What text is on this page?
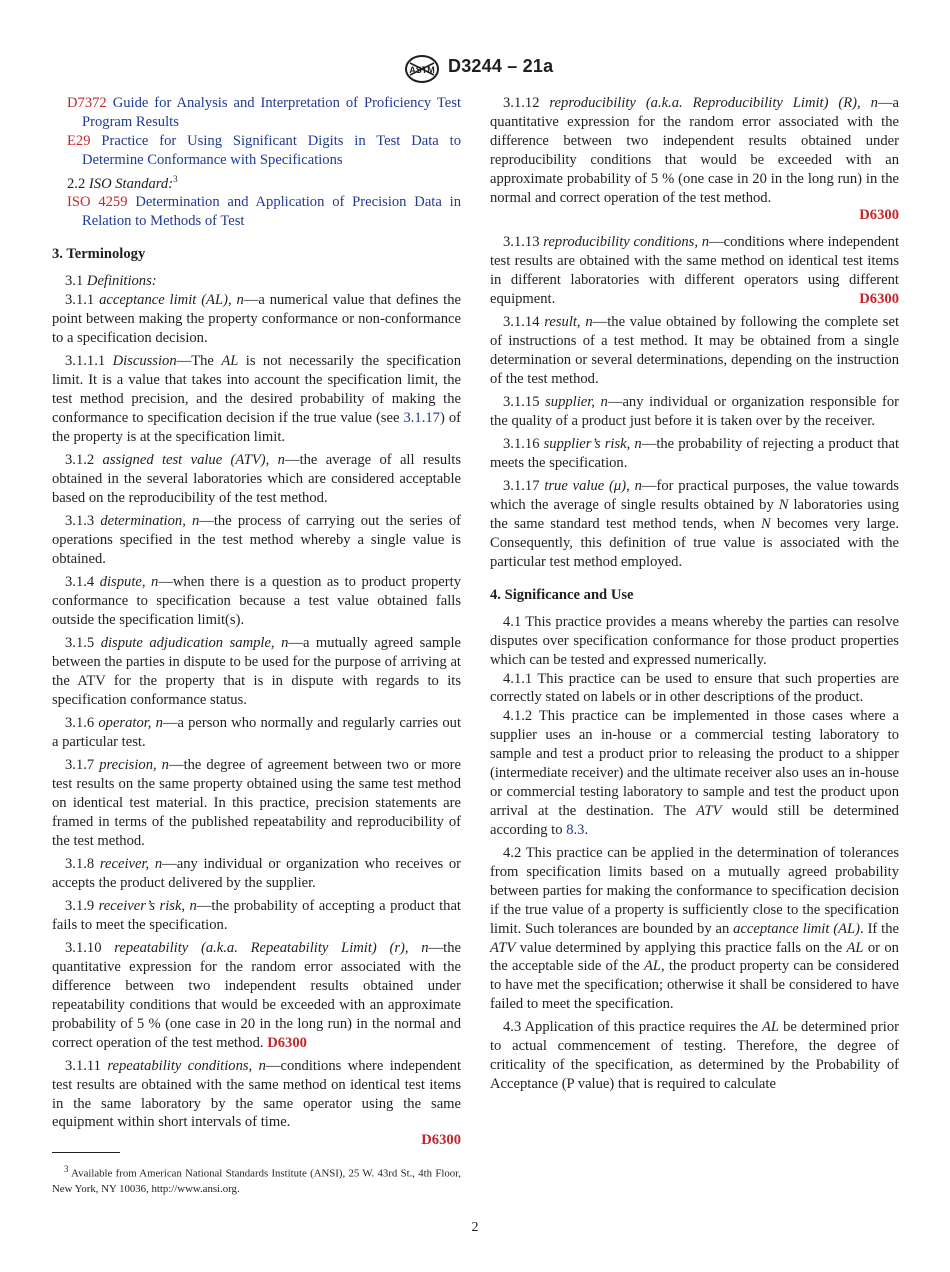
ASTM D3244 – 21a

D7372 Guide for Analysis and Interpretation of Proficiency Test Program Results

E29 Practice for Using Significant Digits in Test Data to Determine Conformance with Specifications

2.2 ISO Standard:$^3$

ISO 4259 Determination and Application of Precision Data in Relation to Methods of Test

3. Terminology

3.1 Definitions:

3.1.1 acceptance limit (AL), n—a numerical value that defines the point between making the property conformance or non-conformance to a specification decision.

3.1.1.1 Discussion—The AL is not necessarily the specification limit. It is a value that takes into account the specification limit, the test method precision, and the desired probability of making the conformance to specification decision if the true value (see 3.1.17) of the property is at the specification limit.

3.1.2 assigned test value (ATV), n—the average of all results obtained in the several laboratories which are considered acceptable based on the reproducibility of the test method.

3.1.3 determination, n—the process of carrying out the series of operations specified in the test method whereby a single value is obtained.

3.1.4 dispute, n—when there is a question as to product property conformance to specification because a test value obtained falls outside the specification limit(s).

3.1.5 dispute adjudication sample, n—a mutually agreed sample between the parties in dispute to be used for the purpose of arriving at the ATV for the property that is in dispute with regards to its specification conformance status.

3.1.6 operator, n—a person who normally and regularly carries out a particular test.

3.1.7 precision, n—the degree of agreement between two or more test results on the same property obtained using the same test method on identical test material. In this practice, precision statements are framed in terms of the published repeatability and reproducibility of the test method.

3.1.8 receiver, n—any individual or organization who receives or accepts the product delivered by the supplier.

3.1.9 receiver’s risk, n—the probability of accepting a product that fails to meet the specification.

3.1.10 repeatability (a.k.a. Repeatability Limit) (r), n—the quantitative expression for the random error associated with the difference between two independent results obtained under repeatability conditions that would be exceeded with an approximate probability of 5 % (one case in 20 in the long run) in the normal and correct operation of the test method. D6300

3.1.11 repeatability conditions, n—conditions where independent test results are obtained with the same method on identical test items in the same laboratory by the same operator using the same equipment within short intervals of time.

D6300
$^3$ Available from American National Standards Institute (ANSI), 25 W. 43rd St., 4th Floor, New York, NY 10036, http://www.ansi.org.

3.1.12 reproducibility (a.k.a. Reproducibility Limit) (R), n—a quantitative expression for the random error associated with the difference between two independent results obtained under reproducibility conditions that would be exceeded with an approximate probability of 5 % (one case in 20 in the long run) in the normal and correct operation of the test method.

D6300

3.1.13 reproducibility conditions, n—conditions where independent test results are obtained with the same method on identical test items in different laboratories with different operators using different equipment.	D6300

3.1.14 result, n—the value obtained by following the complete set of instructions of a test method. It may be obtained from a single determination or several determinations, depending on the instruction of the test method.

3.1.15 supplier, n—any individual or organization responsible for the quality of a product just before it is taken over by the receiver.

3.1.16 supplier’s risk, n—the probability of rejecting a product that meets the specification.

3.1.17 true value (μ), n—for practical purposes, the value towards which the average of single results obtained by N laboratories using the same standard test method tends, when N becomes very large. Consequently, this definition of true value is associated with the particular test method employed.

4. Significance and Use

4.1 This practice provides a means whereby the parties can resolve disputes over specification conformance for those product properties which can be tested and expressed numerically.

4.1.1 This practice can be used to ensure that such properties are correctly stated on labels or in other descriptions of the product.

4.1.2 This practice can be implemented in those cases where a supplier uses an in-house or a commercial testing laboratory to sample and test a product prior to releasing the product to a shipper (intermediate receiver) and the ultimate receiver also uses an in-house or commercial testing laboratory to sample and test the product upon arrival at the destination. The ATV would still be determined according to 8.3.

4.2 This practice can be applied in the determination of tolerances from specification limits based on a mutually agreed probability between parties for making the conformance to specification decision if the true value of a property is sufficiently close to the specification limit. Such tolerances are bounded by an acceptance limit (AL). If the ATV value determined by applying this practice falls on the AL or on the acceptable side of the AL, the product property can be considered to have met the specification; otherwise it shall be considered to have failed to meet the specification.

4.3 Application of this practice requires the AL be determined prior to actual commencement of testing. Therefore, the degree of criticality of the specification, as determined by the Probability of Acceptance (P value) that is required to calculate

2
